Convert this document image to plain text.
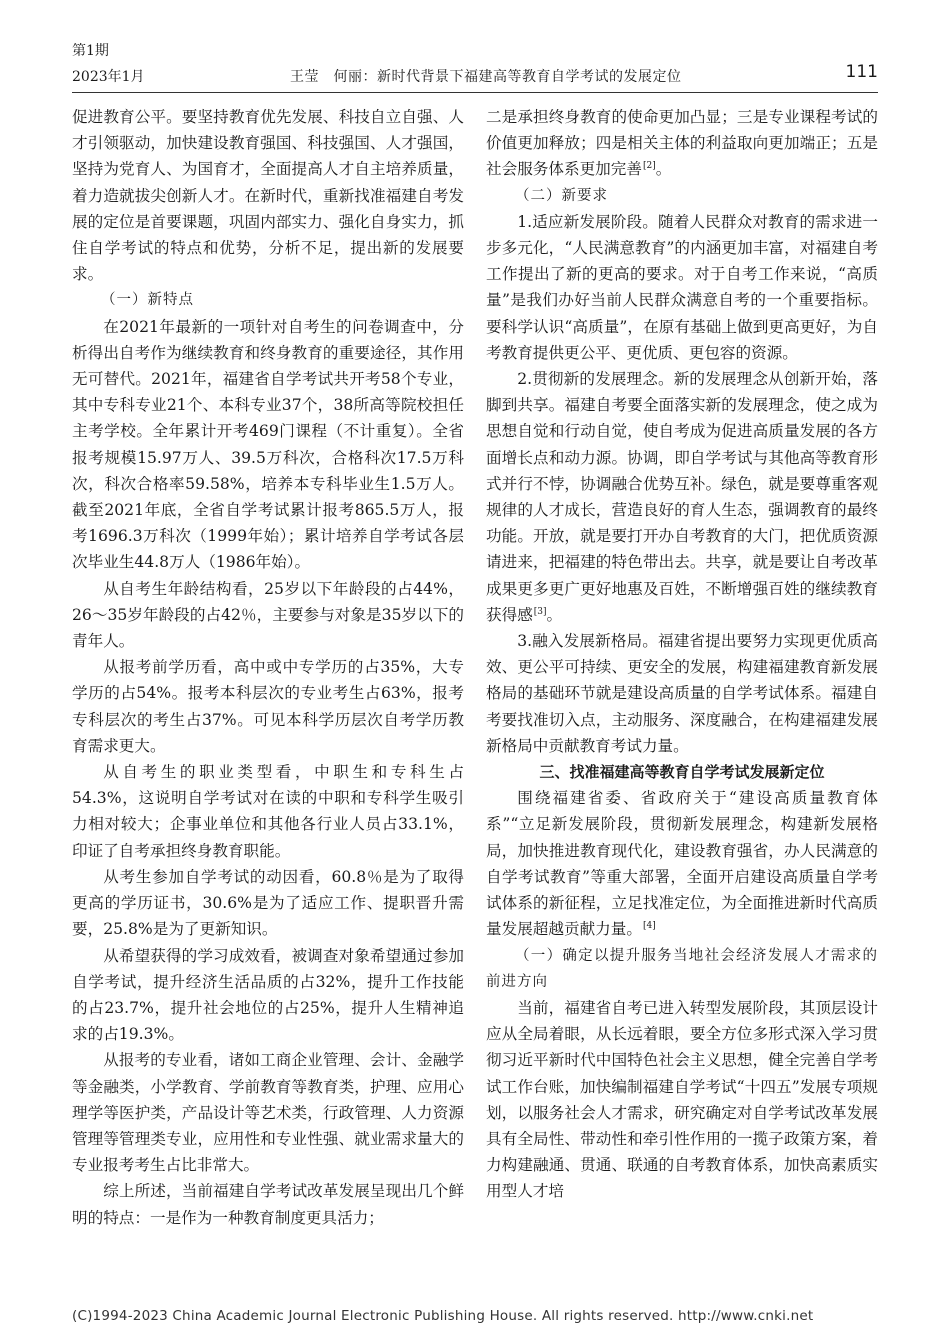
第1期
2023年1月	王莹　何丽：新时代背景下福建高等教育自学考试的发展定位	111

促进教育公平。要坚持教育优先发展、科技自立自强、人才引领驱动，加快建设教育强国、科技强国、人才强国，坚持为党育人、为国育才，全面提高人才自主培养质量，着力造就拔尖创新人才。在新时代，重新找准福建自考发展的定位是首要课题，巩固内部实力、强化自身实力，抓住自学考试的特点和优势，分析不足，提出新的发展要求。

（一）新特点

在2021年最新的一项针对自考生的问卷调查中，分析得出自考作为继续教育和终身教育的重要途径，其作用无可替代。2021年，福建省自学考试共开考58个专业，其中专科专业21个、本科专业37个，38所高等院校担任主考学校。全年累计开考469门课程（不计重复）。全省报考规模15.97万人、39.5万科次，合格科次17.5万科次，科次合格率59.58%，培养本专科毕业生1.5万人。截至2021年底，全省自学考试累计报考865.5万人，报考1696.3万科次（1999年始）；累计培养自学考试各层次毕业生44.8万人（1986年始）。

从自考生年龄结构看，25岁以下年龄段的占44%，26～35岁年龄段的占42％，主要参与对象是35岁以下的青年人。

从报考前学历看，高中或中专学历的占35%，大专学历的占54%。报考本科层次的专业考生占63%，报考专科层次的考生占37%。可见本科学历层次自考学历教育需求更大。

从自考生的职业类型看，中职生和专科生占54.3%，这说明自学考试对在读的中职和专科学生吸引力相对较大；企事业单位和其他各行业人员占33.1%，印证了自考承担终身教育职能。

从考生参加自学考试的动因看，60.8％是为了取得更高的学历证书，30.6%是为了适应工作、提职晋升需要，25.8%是为了更新知识。

从希望获得的学习成效看，被调查对象希望通过参加自学考试，提升经济生活品质的占32%，提升工作技能的占23.7%，提升社会地位的占25%，提升人生精神追求的占19.3%。

从报考的专业看，诸如工商企业管理、会计、金融学等金融类，小学教育、学前教育等教育类，护理、应用心理学等医护类，产品设计等艺术类，行政管理、人力资源管理等管理类专业，应用性和专业性强、就业需求量大的专业报考考生占比非常大。

综上所述，当前福建自学考试改革发展呈现出几个鲜明的特点：一是作为一种教育制度更具活力；

二是承担终身教育的使命更加凸显；三是专业课程考试的价值更加释放；四是相关主体的利益取向更加端正；五是社会服务体系更加完善[2]。

（二）新要求

1.适应新发展阶段。随着人民群众对教育的需求进一步多元化，“人民满意教育”的内涵更加丰富，对福建自考工作提出了新的更高的要求。对于自考工作来说，“高质量”是我们办好当前人民群众满意自考的一个重要指标。要科学认识“高质量”，在原有基础上做到更高更好，为自考教育提供更公平、更优质、更包容的资源。

2.贯彻新的发展理念。新的发展理念从创新开始，落脚到共享。福建自考要全面落实新的发展理念，使之成为思想自觉和行动自觉，使自考成为促进高质量发展的各方面增长点和动力源。协调，即自学考试与其他高等教育形式并行不悖，协调融合优势互补。绿色，就是要尊重客观规律的人才成长，营造良好的育人生态，强调教育的最终功能。开放，就是要打开办自考教育的大门，把优质资源请进来，把福建的特色带出去。共享，就是要让自考改革成果更多更广更好地惠及百姓，不断增强百姓的继续教育获得感[3]。

3.融入发展新格局。福建省提出要努力实现更优质高效、更公平可持续、更安全的发展，构建福建教育新发展格局的基础环节就是建设高质量的自学考试体系。福建自考要找准切入点，主动服务、深度融合，在构建福建发展新格局中贡献教育考试力量。

三、找准福建高等教育自学考试发展新定位

围绕福建省委、省政府关于“建设高质量教育体系”“立足新发展阶段，贯彻新发展理念，构建新发展格局，加快推进教育现代化，建设教育强省，办人民满意的自学考试教育”等重大部署，全面开启建设高质量自学考试体系的新征程，立足找准定位，为全面推进新时代高质量发展超越贡献力量。[4]

（一）确定以提升服务当地社会经济发展人才需求的前进方向

当前，福建省自考已进入转型发展阶段，其顶层设计应从全局着眼，从长远着眼，要全方位多形式深入学习贯彻习近平新时代中国特色社会主义思想，健全完善自学考试工作台账，加快编制福建自学考试“十四五”发展专项规划，以服务社会人才需求，研究确定对自学考试改革发展具有全局性、带动性和牵引性作用的一揽子政策方案，着力构建融通、贯通、联通的自考教育体系，加快高素质实用型人才培

(C)1994-2023 China Academic Journal Electronic Publishing House. All rights reserved. http://www.cnki.net
